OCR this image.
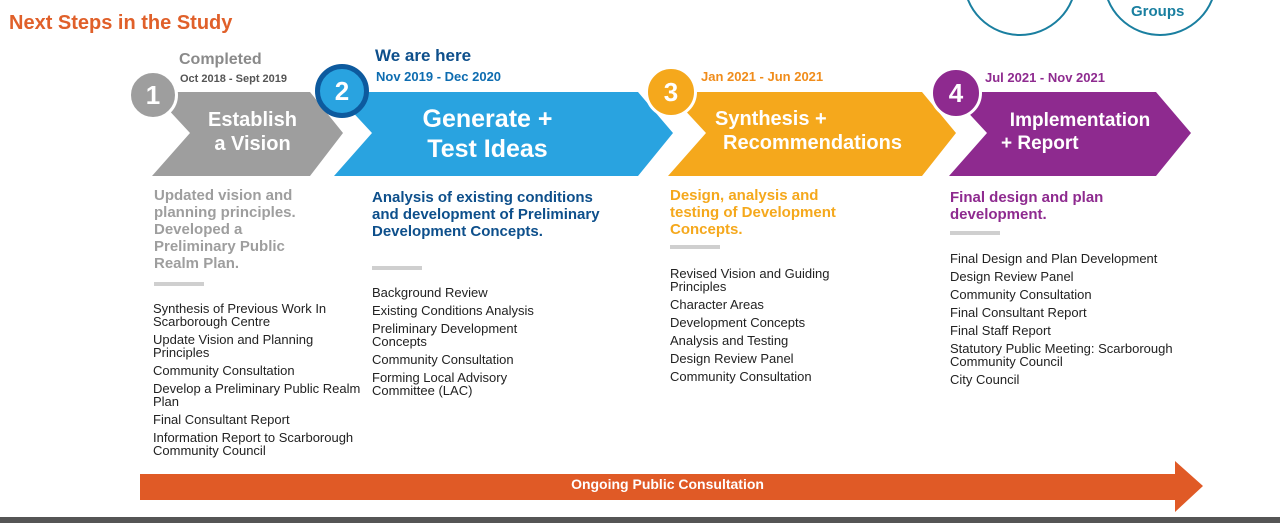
Next Steps in the Study
Groups
1
Completed
Oct 2018 - Sept 2019
Establish
a Vision
Updated vision and planning principles. Developed a Preliminary Public Realm Plan.
Synthesis of Previous Work In Scarborough Centre
Update Vision and Planning Principles
Community Consultation
Develop a Preliminary Public Realm Plan
Final Consultant Report
Information Report to Scarborough Community Council
2
We are here
Nov 2019 - Dec 2020
Generate +
Test Ideas
Analysis of existing conditions and development of Preliminary Development Concepts.
Background Review
Existing Conditions Analysis
Preliminary Development Concepts
Community Consultation
Forming Local Advisory Committee (LAC)
3	Jan 2021 - Jun 2021
Synthesis +
Recommendations
Design, analysis and testing of Development Concepts.
Revised Vision and Guiding Principles
Character Areas
Development Concepts
Analysis and Testing
Design Review Panel
Community Consultation
4	Jul 2021 - Nov 2021
Implementation
+ Report
Final design and plan development.
Final Design and Plan Development
Design Review Panel
Community Consultation
Final Consultant Report
Final Staff Report
Statutory Public Meeting: Scarborough Community Council
City Council
Ongoing Public Consultation
